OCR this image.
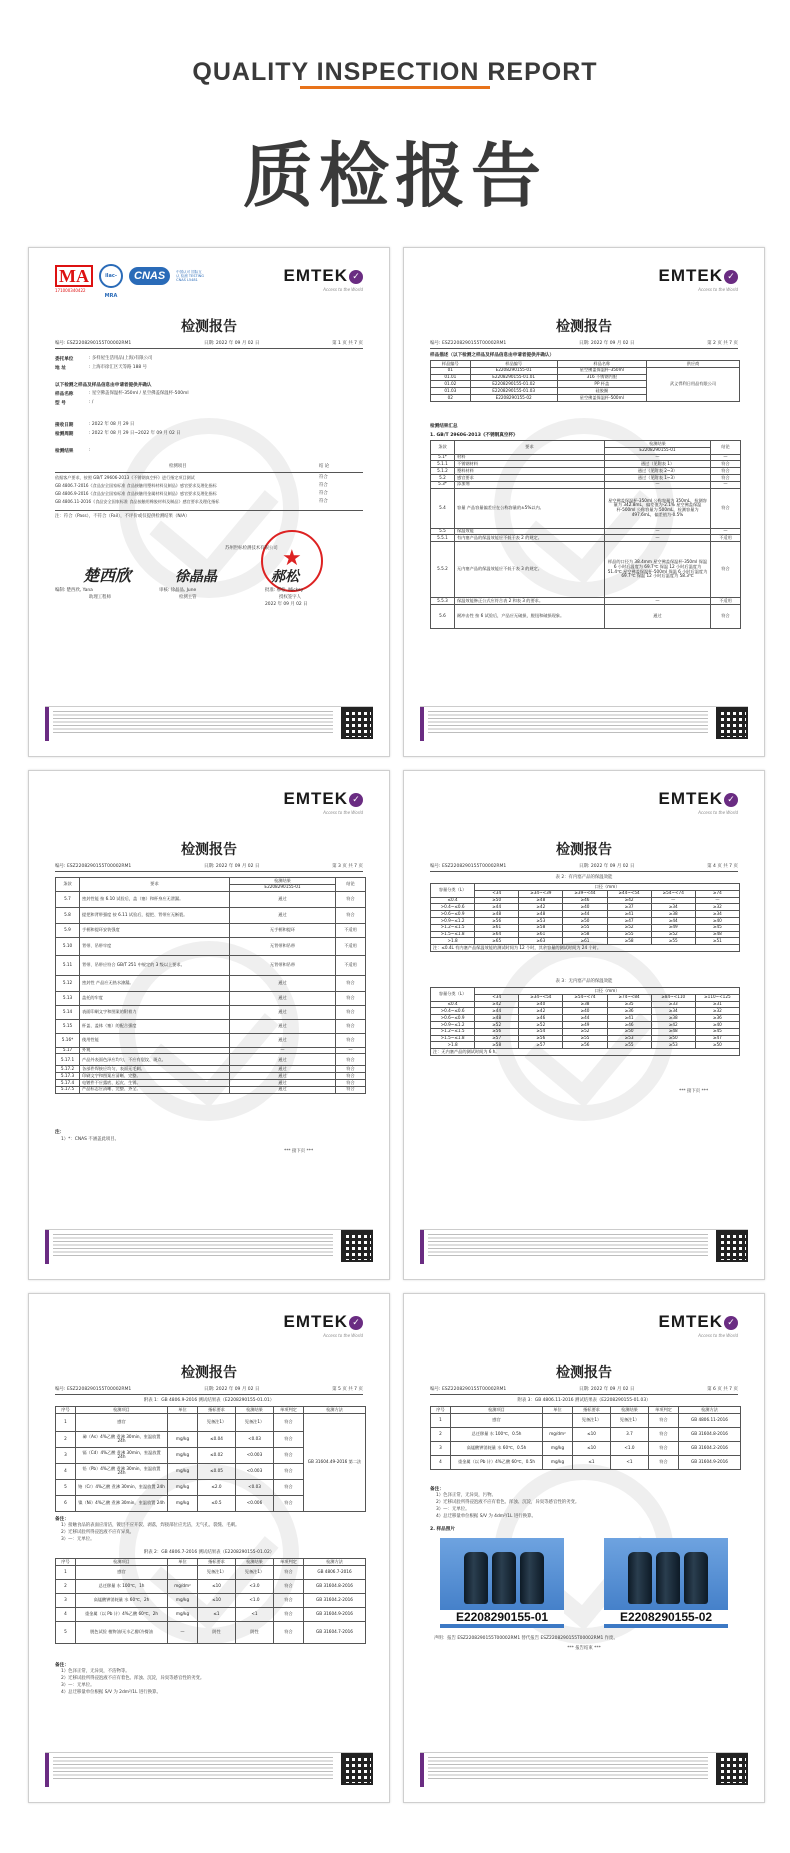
QUALITY INSPECTION REPORT
质检报告
MA	ilac-MRA
CNAS	中国认可 国际互认 检测 TESTING CNAS L5481
171000340422
EMTEK ✓
Access to the World
检测报告
编号: ESZ2208290155T00002RM1	日期: 2022 年 09 月 02 日	第 1 页 共 7 页
委托单位	: 多样屋生活用品(上海)有限公司
地 址	: 上海市徐汇区天等路 188 号
以下检测之样品及样品信息由申请者提供并确认
样品名称	: 星空佛盖保温杯-350ml / 星空佛盖保温杯-500ml
型 号	: /
接收日期	: 2022 年 08 月 29 日
检测周期	: 2022 年 08 月 29 日~2022 年 09 月 02 日
检测结果	:
检测项目	结 论
依据客户要求，按照 GB/T 29606-2013《不锈钢真空杯》进行指定项目测试	符合
GB 4806.7-2016《食品安全国家标准 食品接触用塑料材料及制品》感官要求及理化指标	符合
GB 4806.9-2016《食品安全国家标准 食品接触用金属材料及制品》感官要求及理化指标	符合
GB 4806.11-2016《食品安全国家标准 食品接触用橡胶材料及制品》感官要求及理化指标	符合
注：符合（Pass），不符合（Fail），不评价或仅提供检测结果（N/A）
★
苏州世标检测技术有限公司
楚西欣	徐晶晶	郝松
编制: 楚西欣, Yana
助理工程师
审核: 徐晶晶, June
检测主管
批准: 郝松, Mickey
授权签字人
2022 年 09 月 02 日
EMTEK ✓
Access to the World
检测报告
编号: ESZ2208290155T00002RM1	日期: 2022 年 09 月 02 日	第 2 页 共 7 页
样品描述（以下检测之样品及样品信息由申请者提供并确认）
样品编号	样品编号	样品名称	供应商
01	E2208290155-01	星空佛盖保温杯-350ml	武义悍利日用品有限公司
01.01	E2208290155-01.01	316 不锈钢内胆	
01.02	E2208290155-01.02	PP 杯盖	
01.03	E2208290155-01.03	硅胶圈	
02	E2208290155-02	星空佛盖保温杯-500ml	
检测结果汇总
1. GB/T 29606-2013《不锈钢真空杯》
条款	要求	检测结果	结论
		E2208290155-01	
5.1*	材料	—	—
5.1.1	不锈钢材料	通过（见附表 1）	符合
5.1.2	塑料材料	通过（见附表 2~3）	符合
5.2	感官要求	通过（见附表 1~3）	符合
5.3*	添加剂	—	—
5.4	容量 产品容量偏差应在公称容量的±5%以内。	星空佛盖保温杯-350ml 公称容量为 350mL，检测容量为 342.8mL，偏差值为-2.1% 星空佛盖保温杯-500ml 公称容量为 500mL，检测容量为 497.6mL，偏差值为-0.5%	符合
5.5	保温效能	—	—
5.5.1	有内塞产品的保温效能应不低于表 2 的规定。	—	不适用
5.5.2	无内塞产品的保温效能应不低于表 3 的规定。	样品的口径为 38.4mm 星空佛盖保温杯-350ml 保温 6 小时后温度为 69.7℃ 保温 12 小时后温度为 51.4℃ 星空佛盖保温杯-500ml 保温 6 小时后温度为 69.7℃ 保温 12 小时后温度为 58.3℃	符合
5.5.3	保温效能修正公式应符合表 2 和表 3 的要求。	—	不适用
5.6	耐冲击性 按 6 试验后，产品应无破损，脱钮和破损现象。	通过	符合
EMTEK ✓
Access to the World
检测报告
编号: ESZ2208290155T00002RM1	日期: 2022 年 09 月 02 日	第 3 页 共 7 页
条款	要求	检测结果	结论
		E2208290155-01	
5.7	密封性能 按 6.10 试验后，盖（塞）和杯身应无泄漏。	通过	符合
5.8	提把和背带强度 按 6.11 试验后，提把、背带应无断裂。	通过	符合
5.9	手柄和提环安装强度	无手柄和提环	不适用
5.10	背带、吊带牢度	无背带和吊带	不适用
5.11	背带、吊带应符合 GB/T 251 中规定的 3 级以上要求。	无背带和吊带	不适用
5.12	密封性 产品应无热水渗漏。	通过	符合
5.13	盖托的牢度	通过	符合
5.14	表面印刷文字和图案的附着力	通过	符合
5.15	杯盖、盖体（塞）的配合强度	通过	符合
5.16*	使用性能	通过	符合
5.17	外观	—	—
5.17.1	产品外表面色泽应均匀，不应有裂纹、斑点。	通过	符合
5.17.2	各部件焊接应均匀，表面无毛刺。	通过	符合
5.17.3	印刷文字和图案应清晰、完整。	通过	符合
5.17.4	电镀件不应露底、起皮、生锈。	通过	符合
5.17.5	产品标志应清晰、完整、齐全。	通过	符合
注：
1）*：CNAS 不涵盖此项目。
*** 接下页 ***
EMTEK ✓
Access to the World
检测报告
编号: ESZ2208290155T00002RM1	日期: 2022 年 09 月 02 日	第 4 页 共 7 页
表 2：有内塞产品的保温效能
容量分类（L）	口径（mm）					
	<34	≥34~<39	≥39~<44	≥44~<54	≥54~<74	≥74
≤0.4	≥50	≥48	≥46	≥42	—	—
>0.4~≤0.6	≥44	≥42	≥40	≥37	≥34	≥32
>0.6~≤0.9	≥48	≥48	≥44	≥41	≥38	≥34
>0.9~≤1.2	≥56	≥53	≥50	≥47	≥44	≥40
>1.2~≤1.5	≥61	≥58	≥55	≥52	≥49	≥45
>1.5~≤1.8	≥64	≥61	≥58	≥55	≥52	≥48
>1.8	≥65	≥63	≥61	≥58	≥55	≥51
注：≤0.4L 有内塞产品保温效能的测试时间为 12 个时，其余容量的测试时间为 24 个时。						
表 3：无内塞产品的保温效能
容量分类（L）	口径（mm）					
	<34	≥34~<54	≥54~<74	≥74~<84	≥84~<110	≥110~<125
≤0.4	≥42	≥40	≥38	≥35	≥33	≥31
>0.4~≤0.6	≥44	≥42	≥40	≥36	≥34	≥32
>0.6~≤0.9	≥48	≥46	≥44	≥41	≥38	≥36
>0.9~≤1.2	≥52	≥52	≥49	≥46	≥42	≥40
>1.2~≤1.5	≥56	≥54	≥52	≥50	≥48	≥45
>1.5~≤1.8	≥57	≥56	≥55	≥53	≥50	≥47
>1.8	≥58	≥57	≥56	≥55	≥53	≥50
注：无内塞产品的测试时间为 6 h。						
*** 接下页 ***
EMTEK ✓
Access to the World
检测报告
编号: ESZ2208290155T00002RM1	日期: 2022 年 09 月 02 日	第 5 页 共 7 页
附表 1：GB 4806.9-2016 测试结果表（E2208290155-01.01）
序号	检测项目	单位	指标要求	检测结果	单项判定	检测方法
1	感官		见备注1）	见备注1）	符合	GB 31604.49-2016 第二法
2	砷（As）4%乙酸 煮沸 30min，室温放置 24h	mg/kg	≤0.04	<0.03	符合	
3	镉（Cd）4%乙酸 煮沸 30min，室温放置 24h	mg/kg	≤0.02	<0.003	符合	
4	铅（Pb）4%乙酸 煮沸 30min，室温放置 24h	mg/kg	≤0.05	<0.003	符合	
5	铬（Cr）4%乙酸 煮沸 30min，室温放置 24h	mg/kg	≤2.0	<0.03	符合	
6	镍（Ni）4%乙酸 煮沸 30min，室温放置 24h	mg/kg	≤0.5	<0.006	符合	
备注：
1）接触食品的表面应清洁，镀层不应开裂、剥落，焊接部位应光洁，无气孔、裂缝、毛刺。
2）迁移试验所得浸泡液不应有异臭。
3）—：无单位。
附表 2：GB 4806.7-2016 测试结果表（E2208290155-01.02）
序号	检测项目	单位	指标要求	检测结果	单项判定	检测方法
1	感官		见备注1）	见备注1）	符合	GB 4806.7-2016
2	总迁移量 水 100℃，1h	mg/dm²	≤10	<3.0	符合	GB 31604.8-2016
3	高锰酸钾消耗量 水 60℃，2h	mg/kg	≤10	<1.0	符合	GB 31604.2-2016
4	重金属（以 Pb 计）4%乙酸 60℃，2h	mg/kg	≤1	<1	符合	GB 31604.9-2016
5	脱色试验 植物油/无水乙醇/冷餐油	—	阴性	阴性	符合	GB 31604.7-2016
备注：
1）色泽正常，无异臭，不洁物等。
2）迁移试验所得浸泡液不应有着色、浑浊、沉淀，异臭等感官性的劣变。
3）—：无单位。
4）总迁移量单位根据 S/V 为 2dm²/1L 进行换算。
EMTEK ✓
Access to the World
检测报告
编号: ESZ2208290155T00002RM1	日期: 2022 年 09 月 02 日	第 6 页 共 7 页
附表 3：GB 4806.11-2016 测试结果表（E2208290155-01.03）
序号	检测项目	单位	指标要求	检测结果	单项判定	检测方法
1	感官		见备注1）	见备注1）	符合	GB 4806.11-2016
2	总迁移量 水 100℃，0.5h	mg/dm²	≤10	3.7	符合	GB 31604.8-2016
3	高锰酸钾消耗量 水 60℃，0.5h	mg/kg	≤10	<1.0	符合	GB 31604.2-2016
4	重金属（以 Pb 计）4%乙酸 60℃，0.5h	mg/kg	≤1	<1	符合	GB 31604.9-2016
备注：
1）色泽正常，无异臭，污物。
2）迁移试验所得浸泡液不应有着色、浑浊、沉淀，异臭等感官性的劣变。
3）—：无单位。
4）总迁移量单位根据 S/V 为 4dm²/1L 进行换算。
2. 样品照片
E2208290155-01	E2208290155-02
声明：报告 ESZ2208290155T00002RM1 替代报告 ESZ2208290155T00002RM1 作废。
*** 报告结束 ***
